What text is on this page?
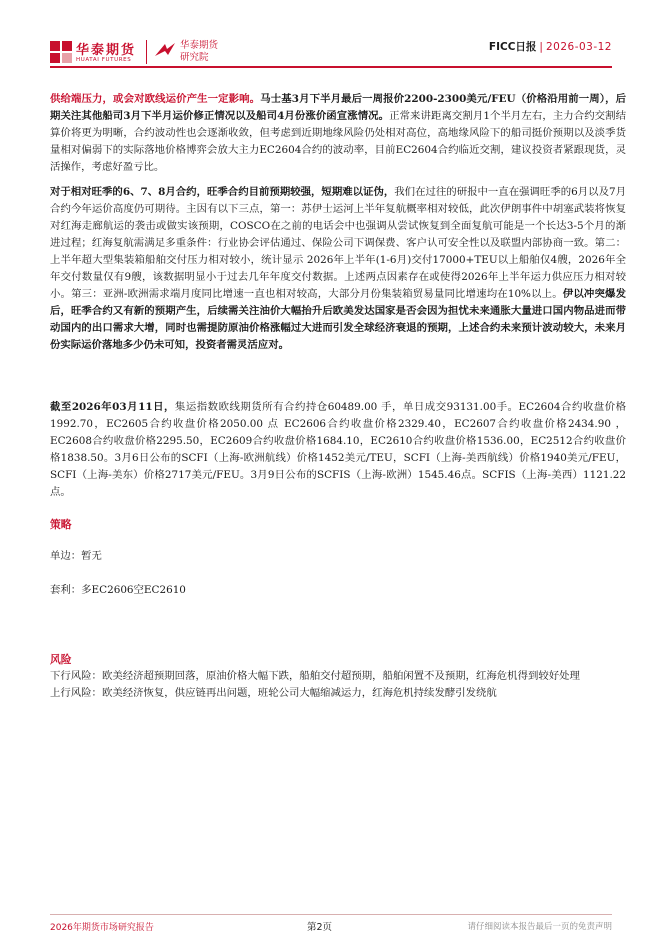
华泰期货
HUATAI FUTURES
华泰期货
研究院
FICC日报 | 2026-03-12

供给端压力，或会对欧线运价产生一定影响。马士基3月下半月最后一周报价2200-2300美元/FEU（价格沿用前一周），后期关注其他船司3月下半月运价修正情况以及船司4月份涨价函宣涨情况。正常来讲距离交割月1个半月左右，主力合约交割结算价将更为明晰，合约波动性也会逐渐收敛，但考虑到近期地缘风险仍处相对高位，高地缘风险下的船司挺价预期以及淡季货量相对偏弱下的实际落地价格博弈会放大主力EC2604合约的波动率，目前EC2604合约临近交割，建议投资者紧跟现货，灵活操作，考虑好盈亏比。

对于相对旺季的6、7、8月合约，旺季合约目前预期较强，短期难以证伪，我们在过往的研报中一直在强调旺季的6月以及7月合约今年运价高度仍可期待。主因有以下三点，第一：苏伊士运河上半年复航概率相对较低，此次伊朗事件中胡塞武装将恢复对红海走廊航运的袭击或做实该预期，COSCO在之前的电话会中也强调从尝试恢复到全面复航可能是一个长达3-5个月的渐进过程；红海复航需满足多重条件：行业协会评估通过、保险公司下调保费、客户认可安全性以及联盟内部协商一致。第二：上半年超大型集装箱船舶交付压力相对较小，统计显示 2026年上半年(1-6月)交付17000+TEU以上船舶仅4艘，2026年全年交付数量仅有9艘，该数据明显小于过去几年年度交付数据。上述两点因素存在或使得2026年上半年运力供应压力相对较小。第三：亚洲-欧洲需求端月度同比增速一直也相对较高，大部分月份集装箱贸易量同比增速均在10%以上。伊以冲突爆发后，旺季合约又有新的预期产生，后续需关注油价大幅抬升后欧美发达国家是否会因为担忧未来通胀大量进口国内物品进而带动国内的出口需求大增，同时也需提防原油价格涨幅过大进而引发全球经济衰退的预期，上述合约未来预计波动较大，未来月份实际运价落地多少仍未可知，投资者需灵活应对。

截至2026年03月11日，集运指数欧线期货所有合约持仓60489.00 手，单日成交93131.00手。EC2604合约收盘价格1992.70，EC2605合约收盘价格2050.00 点 EC2606合约收盘价格2329.40，EC2607合约收盘价格2434.90 ，EC2608合约收盘价格2295.50，EC2609合约收盘价格1684.10，EC2610合约收盘价格1536.00，EC2512合约收盘价格1838.50。3月6日公布的SCFI（上海-欧洲航线）价格1452美元/TEU，SCFI（上海-美西航线）价格1940美元/FEU，SCFI（上海-美东）价格2717美元/FEU。3月9日公布的SCFIS（上海-欧洲）1545.46点。SCFIS（上海-美西）1121.22点。

策略
单边：暂无
套利：多EC2606空EC2610
风险

下行风险：欧美经济超预期回落，原油价格大幅下跌，船舶交付超预期，船舶闲置不及预期，红海危机得到较好处理

上行风险：欧美经济恢复，供应链再出问题，班轮公司大幅缩减运力，红海危机持续发酵引发绕航

2026年期货市场研究报告	第2页	请仔细阅读本报告最后一页的免责声明
